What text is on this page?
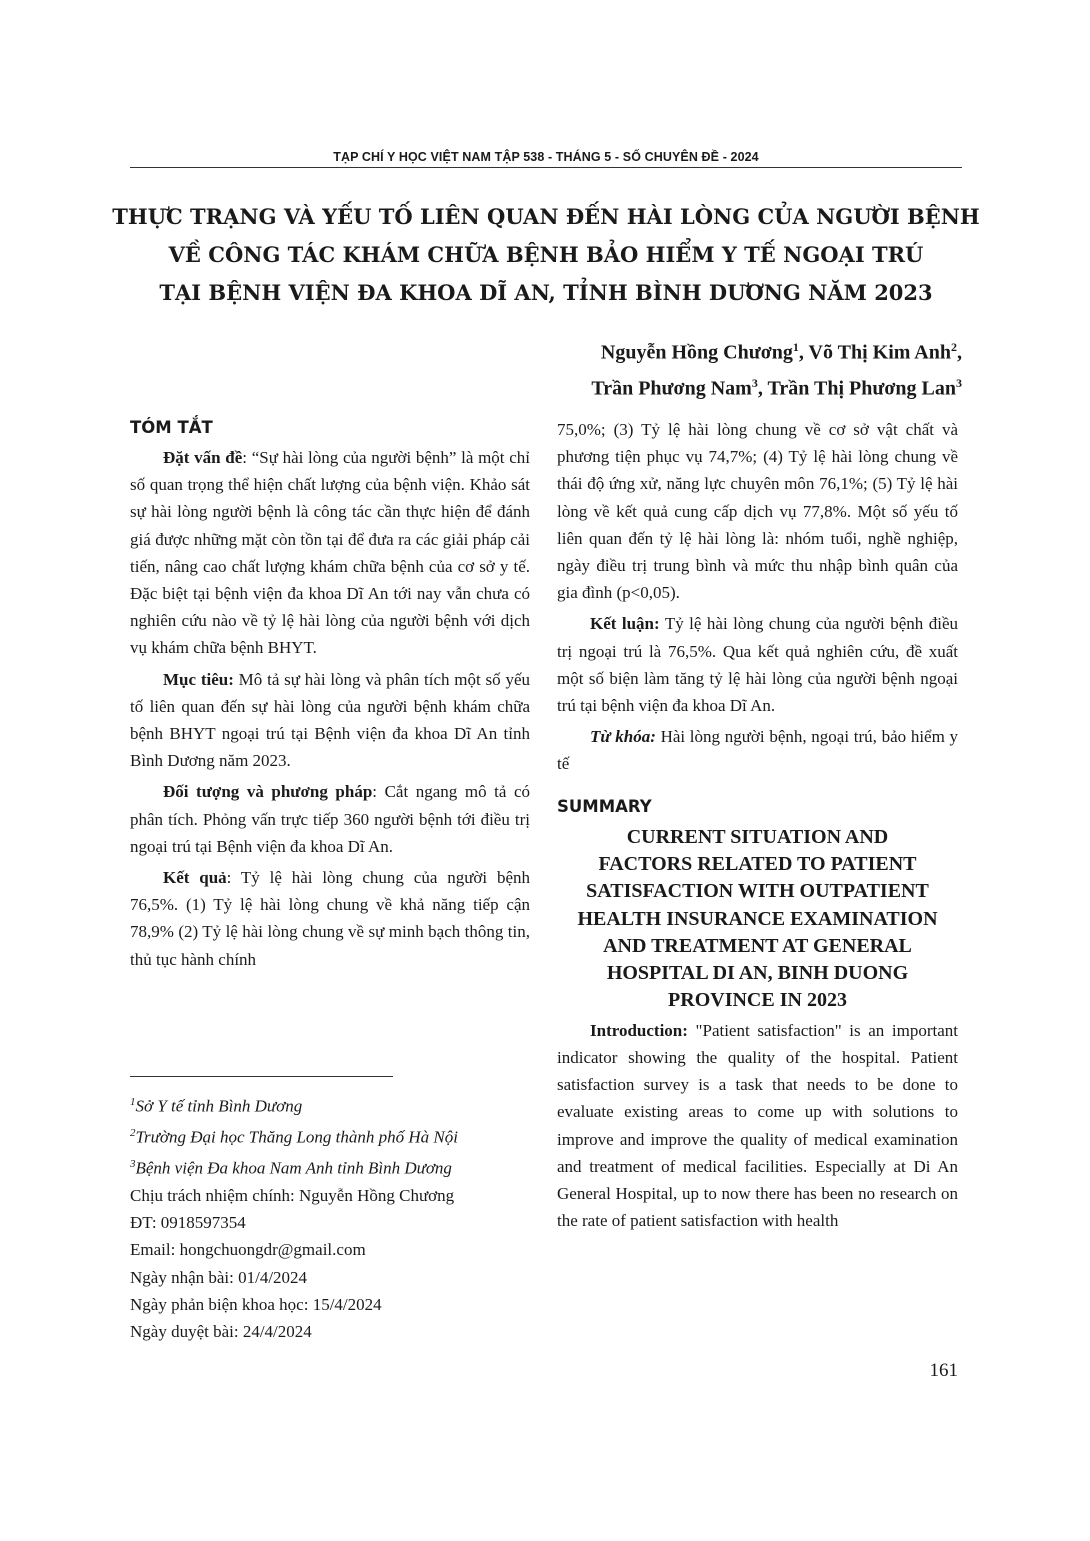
TẠP CHÍ Y HỌC VIỆT NAM TẬP 538 - THÁNG 5 - SỐ CHUYÊN ĐỀ - 2024
THỰC TRẠNG VÀ YẾU TỐ LIÊN QUAN ĐẾN HÀI LÒNG CỦA NGƯỜI BỆNH
VỀ CÔNG TÁC KHÁM CHỮA BỆNH BẢO HIỂM Y TẾ NGOẠI TRÚ
TẠI BỆNH VIỆN ĐA KHOA DĨ AN, TỈNH BÌNH DƯƠNG NĂM 2023
Nguyễn Hồng Chương$^1$, Võ Thị Kim Anh$^2$,
Trần Phương Nam$^3$, Trần Thị Phương Lan$^3$
TÓM TẮT

Đặt vấn đề: “Sự hài lòng của người bệnh” là một chỉ số quan trọng thể hiện chất lượng của bệnh viện. Khảo sát sự hài lòng người bệnh là công tác cần thực hiện để đánh giá được những mặt còn tồn tại để đưa ra các giải pháp cải tiến, nâng cao chất lượng khám chữa bệnh của cơ sở y tế. Đặc biệt tại bệnh viện đa khoa Dĩ An tới nay vẫn chưa có nghiên cứu nào về tỷ lệ hài lòng của người bệnh với dịch vụ khám chữa bệnh BHYT.

Mục tiêu: Mô tả sự hài lòng và phân tích một số yếu tố liên quan đến sự hài lòng của người bệnh khám chữa bệnh BHYT ngoại trú tại Bệnh viện đa khoa Dĩ An tỉnh Bình Dương năm 2023.

Đối tượng và phương pháp: Cắt ngang mô tả có phân tích. Phỏng vấn trực tiếp 360 người bệnh tới điều trị ngoại trú tại Bệnh viện đa khoa Dĩ An.

Kết quả: Tỷ lệ hài lòng chung của người bệnh 76,5%. (1) Tỷ lệ hài lòng chung về khả năng tiếp cận 78,9% (2) Tỷ lệ hài lòng chung về sự minh bạch thông tin, thủ tục hành chính

$^1$Sở Y tế tỉnh Bình Dương
$^2$Trường Đại học Thăng Long thành phố Hà Nội
$^3$Bệnh viện Đa khoa Nam Anh tỉnh Bình Dương
Chịu trách nhiệm chính: Nguyễn Hồng Chương
ĐT: 0918597354
Email: hongchuongdr@gmail.com
Ngày nhận bài: 01/4/2024
Ngày phản biện khoa học: 15/4/2024
Ngày duyệt bài: 24/4/2024

75,0%; (3) Tỷ lệ hài lòng chung về cơ sở vật chất và phương tiện phục vụ 74,7%; (4) Tỷ lệ hài lòng chung về thái độ ứng xử, năng lực chuyên môn 76,1%; (5) Tỷ lệ hài lòng về kết quả cung cấp dịch vụ 77,8%. Một số yếu tố liên quan đến tỷ lệ hài lòng là: nhóm tuổi, nghề nghiệp, ngày điều trị trung bình và mức thu nhập bình quân của gia đình (p<0,05).

Kết luận: Tỷ lệ hài lòng chung của người bệnh điều trị ngoại trú là 76,5%. Qua kết quả nghiên cứu, đề xuất một số biện làm tăng tỷ lệ hài lòng của người bệnh ngoại trú tại bệnh viện đa khoa Dĩ An.

Từ khóa: Hài lòng người bệnh, ngoại trú, bảo hiểm y tế

SUMMARY
CURRENT SITUATION AND
FACTORS RELATED TO PATIENT
SATISFACTION WITH OUTPATIENT
HEALTH INSURANCE EXAMINATION
AND TREATMENT AT GENERAL
HOSPITAL DI AN, BINH DUONG
PROVINCE IN 2023

Introduction: "Patient satisfaction" is an important indicator showing the quality of the hospital. Patient satisfaction survey is a task that needs to be done to evaluate existing areas to come up with solutions to improve and improve the quality of medical examination and treatment of medical facilities. Especially at Di An General Hospital, up to now there has been no research on the rate of patient satisfaction with health

161
